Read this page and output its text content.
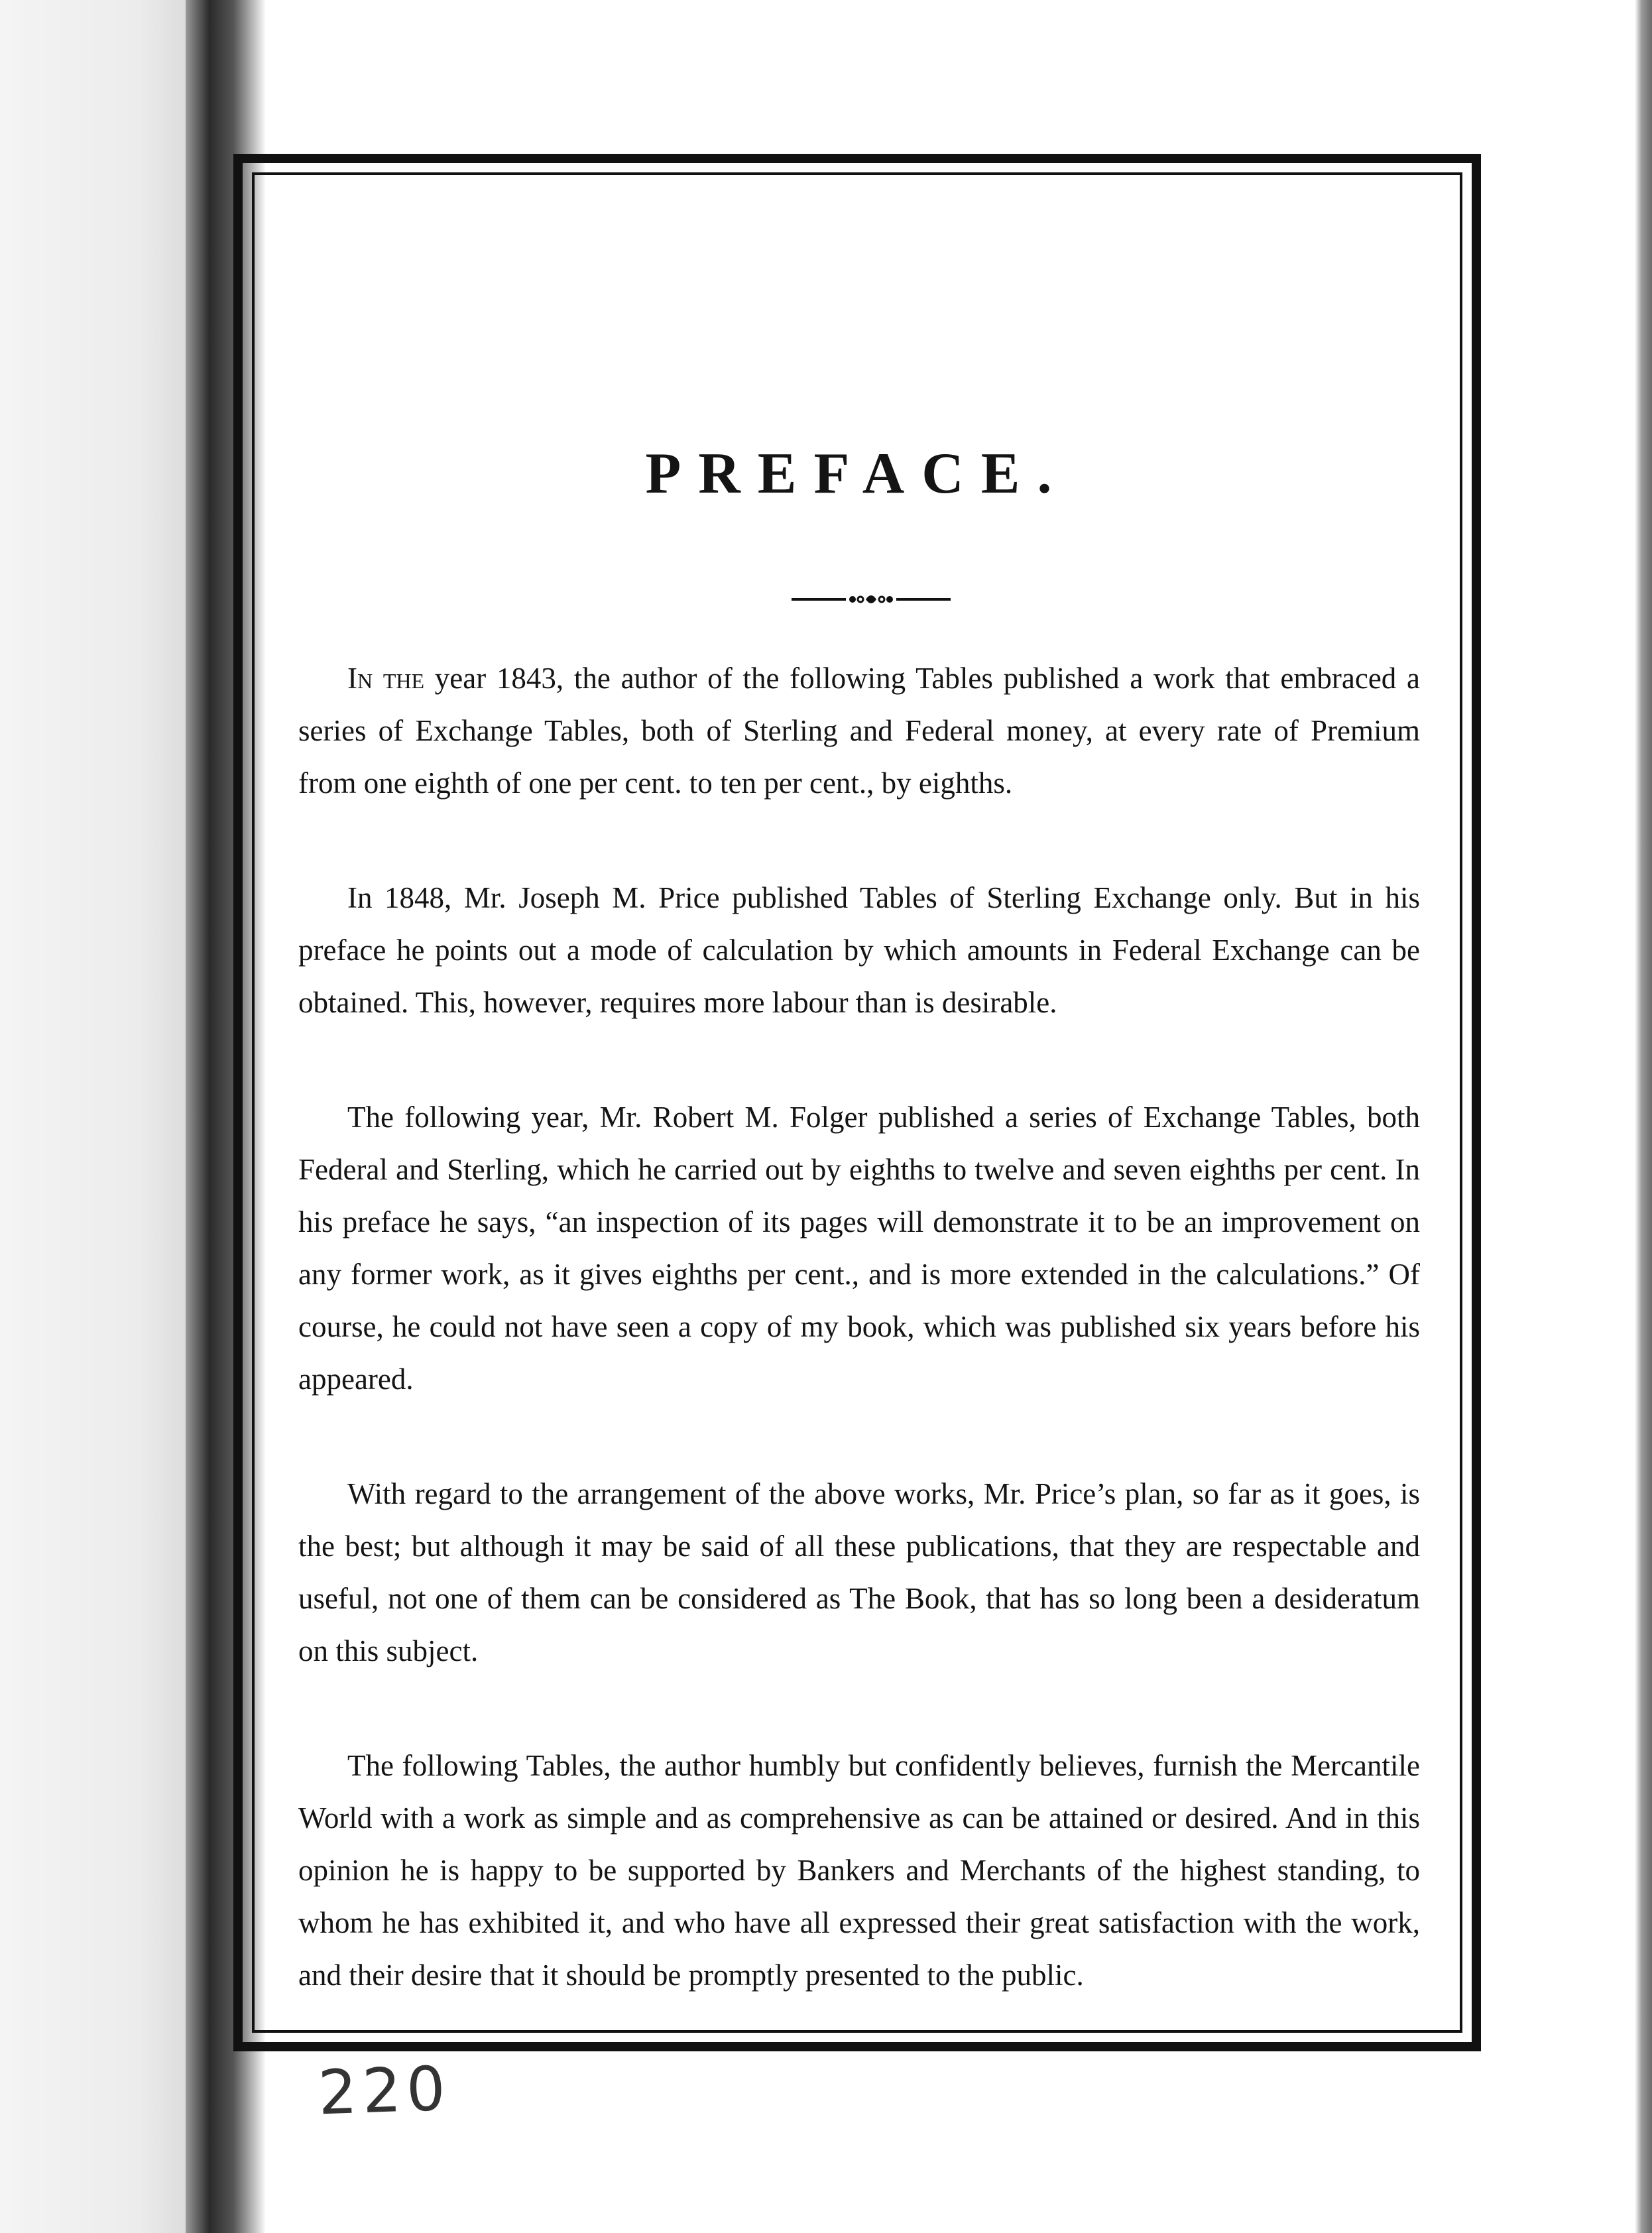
PREFACE.

In the year 1843, the author of the following Tables published a work that embraced a series of Exchange Tables, both of Sterling and Federal money, at every rate of Premium from one eighth of one per cent. to ten per cent., by eighths.

In 1848, Mr. Joseph M. Price published Tables of Sterling Exchange only. But in his preface he points out a mode of calculation by which amounts in Federal Exchange can be obtained. This, however, requires more labour than is desirable.

The following year, Mr. Robert M. Folger published a series of Exchange Tables, both Federal and Sterling, which he carried out by eighths to twelve and seven eighths per cent. In his preface he says, “an inspection of its pages will demonstrate it to be an improvement on any former work, as it gives eighths per cent., and is more extended in the calculations.” Of course, he could not have seen a copy of my book, which was published six years before his appeared.

With regard to the arrangement of the above works, Mr. Price’s plan, so far as it goes, is the best; but although it may be said of all these publications, that they are respectable and useful, not one of them can be considered as The Book, that has so long been a desideratum on this subject.

The following Tables, the author humbly but confidently believes, furnish the Mercantile World with a work as simple and as comprehensive as can be attained or desired. And in this opinion he is happy to be supported by Bankers and Merchants of the highest standing, to whom he has exhibited it, and who have all expressed their great satisfaction with the work, and their desire that it should be promptly presented to the public.

220
